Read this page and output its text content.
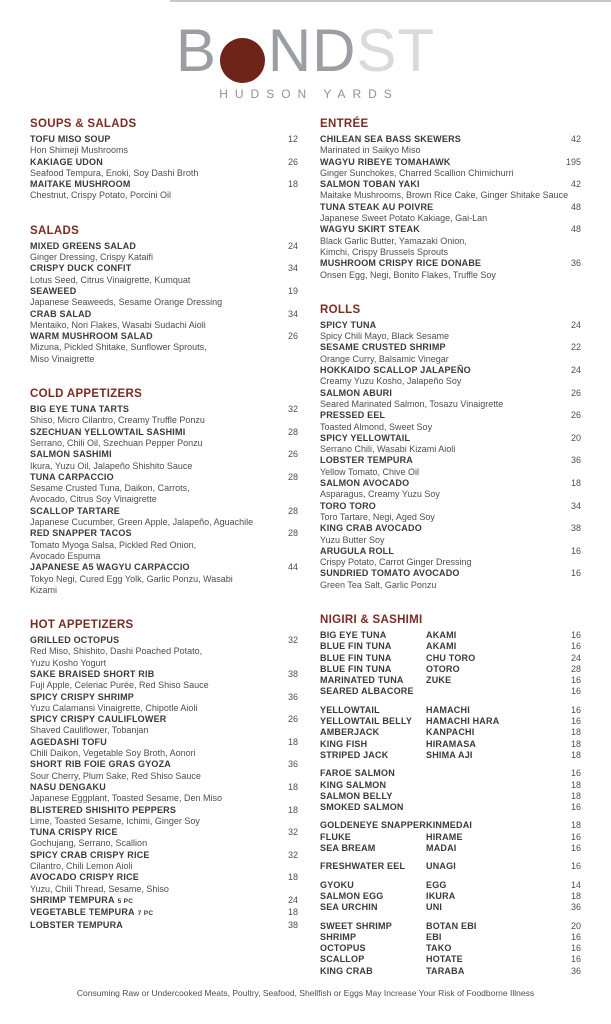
B ND ST
HUDSON YARDS
SOUPS & SALADS
TOFU MISO SOUP	12
Hon Shimeji Mushrooms
KAKIAGE UDON	26
Seafood Tempura, Enoki, Soy Dashi Broth
MAITAKE MUSHROOM	18
Chestnut, Crispy Potato, Porcini Oil
SALADS
MIXED GREENS SALAD	24
Ginger Dressing, Crispy Kataifi
CRISPY DUCK CONFIT	34
Lotus Seed, Citrus Vinaigrette, Kumquat
SEAWEED	19
Japanese Seaweeds, Sesame Orange Dressing
CRAB SALAD	34
Mentaiko, Nori Flakes, Wasabi Sudachi Aioli
WARM MUSHROOM SALAD	26
Mizuna, Pickled Shitake, Sunflower Sprouts,
Miso Vinaigrette
COLD APPETIZERS
BIG EYE TUNA TARTS	32
Shiso, Micro Cilantro, Creamy Truffle Ponzu
SZECHUAN YELLOWTAIL SASHIMI	28
Serrano, Chili Oil, Szechuan Pepper Ponzu
SALMON SASHIMI	26
Ikura, Yuzu Oil, Jalapeño Shishito Sauce
TUNA CARPACCIO	28
Sesame Crusted Tuna, Daikon, Carrots,
Avocado, Citrus Soy Vinaigrette
SCALLOP TARTARE	28
Japanese Cucumber, Green Apple, Jalapeño, Aguachile
RED SNAPPER TACOS	28
Tomato Myoga Salsa, Pickled Red Onion,
Avocado Espuma
JAPANESE A5 WAGYU CARPACCIO	44
Tokyo Negi, Cured Egg Yolk, Garlic Ponzu, Wasabi
Kizami
HOT APPETIZERS
GRILLED OCTOPUS	32
Red Miso, Shishito, Dashi Poached Potato,
Yuzu Kosho Yogurt
SAKE BRAISED SHORT RIB	38
Fuji Apple, Celeriac Purée, Red Shiso Sauce
SPICY CRISPY SHRIMP	36
Yuzu Calamansi Vinaigrette, Chipotle Aioli
SPICY CRISPY CAULIFLOWER	26
Shaved Cauliflower, Tobanjan
AGEDASHI TOFU	18
Chili Daikon, Vegetable Soy Broth, Aonori
SHORT RIB FOIE GRAS GYOZA	36
Sour Cherry, Plum Sake, Red Shiso Sauce
NASU DENGAKU	18
Japanese Eggplant, Toasted Sesame, Den Miso
BLISTERED SHISHITO PEPPERS	18
Lime, Toasted Sesame, Ichimi, Ginger Soy
TUNA CRISPY RICE	32
Gochujang, Serrano, Scallion
SPICY CRAB CRISPY RICE	32
Cilantro, Chili Lemon Aioli
AVOCADO CRISPY RICE	18
Yuzu, Chili Thread, Sesame, Shiso
SHRIMP TEMPURA 5 PC	24
VEGETABLE TEMPURA 7 PC	18
LOBSTER TEMPURA	38
ENTRÉE
CHILEAN SEA BASS SKEWERS	42
Marinated in Saikyo Miso
WAGYU RIBEYE TOMAHAWK	195
Ginger Sunchokes, Charred Scallion Chimichurri
SALMON TOBAN YAKI	42
Maitake Mushrooms, Brown Rice Cake, Ginger Shitake Sauce
TUNA STEAK AU POIVRE	48
Japanese Sweet Potato Kakiage, Gai-Lan
WAGYU SKIRT STEAK	48
Black Garlic Butter, Yamazaki Onion,
Kimchi, Crispy Brussels Sprouts
MUSHROOM CRISPY RICE DONABE	36
Onsen Egg, Negi, Bonito Flakes, Truffle Soy
ROLLS
SPICY TUNA	24
Spicy Chili Mayo, Black Sesame
SESAME CRUSTED SHRIMP	22
Orange Curry, Balsamic Vinegar
HOKKAIDO SCALLOP JALAPEÑO	24
Creamy Yuzu Kosho, Jalapeño Soy
SALMON ABURI	26
Seared Marinated Salmon, Tosazu Vinaigrette
PRESSED EEL	26
Toasted Almond, Sweet Soy
SPICY YELLOWTAIL	20
Serrano Chili, Wasabi Kizami Aioli
LOBSTER TEMPURA	36
Yellow Tomato, Chive Oil
SALMON AVOCADO	18
Asparagus, Creamy Yuzu Soy
TORO TORO	34
Toro Tartare, Negi, Aged Soy
KING CRAB AVOCADO	38
Yuzu Butter Soy
ARUGULA ROLL	16
Crispy Potato, Carrot Ginger Dressing
SUNDRIED TOMATO AVOCADO	16
Green Tea Salt, Garlic Ponzu
NIGIRI & SASHIMI
BIG EYE TUNA	AKAMI	16
BLUE FIN TUNA	AKAMI	16
BLUE FIN TUNA	CHU TORO	24
BLUE FIN TUNA	OTORO	28
MARINATED TUNA	ZUKE	16
SEARED ALBACORE	16
YELLOWTAIL	HAMACHI	16
YELLOWTAIL BELLY	HAMACHI HARA	16
AMBERJACK	KANPACHI	18
KING FISH	HIRAMASA	18
STRIPED JACK	SHIMA AJI	18
FAROE SALMON	16
KING SALMON	18
SALMON BELLY	18
SMOKED SALMON	16
GOLDENEYE SNAPPER KINMEDAI	18
FLUKE	HIRAME	16
SEA BREAM	MADAI	16
FRESHWATER EEL	UNAGI	16
GYOKU	EGG	14
SALMON EGG	IKURA	18
SEA URCHIN	UNI	36
SWEET SHRIMP	BOTAN EBI	20
SHRIMP	EBI	16
OCTOPUS	TAKO	16
SCALLOP	HOTATE	16
KING CRAB	TARABA	36
Consuming Raw or Undercooked Meats, Poultry, Seafood, Shellfish or Eggs May Increase Your Risk of Foodborne Illness
